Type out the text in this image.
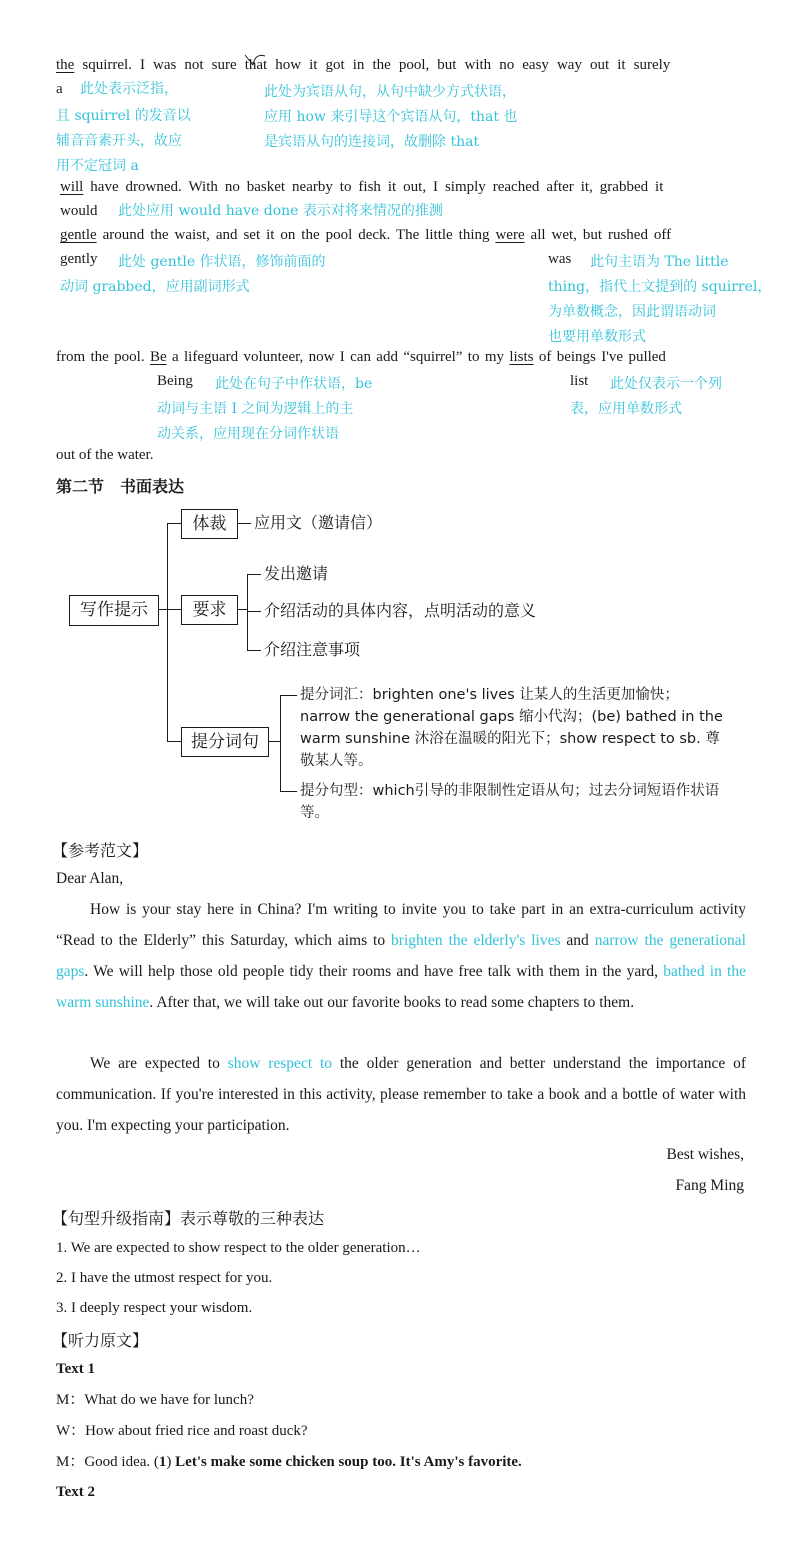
the squirrel. I was not sure that
how it got in the pool, but with no easy way out it surely
a 此处表示泛指，
且 squirrel 的发音以
辅音音素开头，故应
用不定冠词 a
此处为宾语从句，从句中缺少方式状语，
应用 how 来引导这个宾语从句，that 也
是宾语从句的连接词，故删除 that
will have drowned. With no basket nearby to fish it out, I simply reached after it, grabbed it
would 此处应用 would have done 表示对将来情况的推测
gentle around the waist, and set it on the pool deck. The little thing were all wet, but rushed off
gently	此处 gentle 作状语，修饰前面的
动词 grabbed，应用副词形式
was	此句主语为 The little
thing，指代上文提到的 squirrel，
为单数概念，因此谓语动词
也要用单数形式
from the pool. Be a lifeguard volunteer, now I can add “squirrel” to my lists of beings I've pulled
Being	此处在句子中作状语，be
动词与主语 I 之间为逻辑上的主
动关系，应用现在分词作状语
list	此处仅表示一个列
表，应用单数形式
out of the water.
第二节　书面表达
写作提示
体裁	应用文（邀请信）
要求
发出邀请
介绍活动的具体内容，点明活动的意义
介绍注意事项
提分词句
提分词汇：brighten one's lives 让某人的生活更加愉快；narrow the generational gaps 缩小代沟；(be) bathed in the warm sunshine 沐浴在温暖的阳光下；show respect to sb. 尊敬某人等。
提分句型：which引导的非限制性定语从句；过去分词短语作状语等。
【参考范文】
Dear Alan,
How is your stay here in China? I'm writing to invite you to take part in an extra-curriculum activity “Read to the Elderly” this Saturday, which aims to brighten the elderly's lives and narrow the generational gaps. We will help those old people tidy their rooms and have free talk with them in the yard, bathed in the warm sunshine. After that, we will take out our favorite books to read some chapters to them.
We are expected to show respect to the older generation and better understand the importance of communication. If you're interested in this activity, please remember to take a book and a bottle of water with you. I'm expecting your participation.
Best wishes,
Fang Ming
【句型升级指南】表示尊敬的三种表达
1. We are expected to show respect to the older generation…
2. I have the utmost respect for you.
3. I deeply respect your wisdom.
【听力原文】
Text 1
M：What do we have for lunch?
W：How about fried rice and roast duck?
M：Good idea. (1) Let's make some chicken soup too. It's Amy's favorite.
Text 2
